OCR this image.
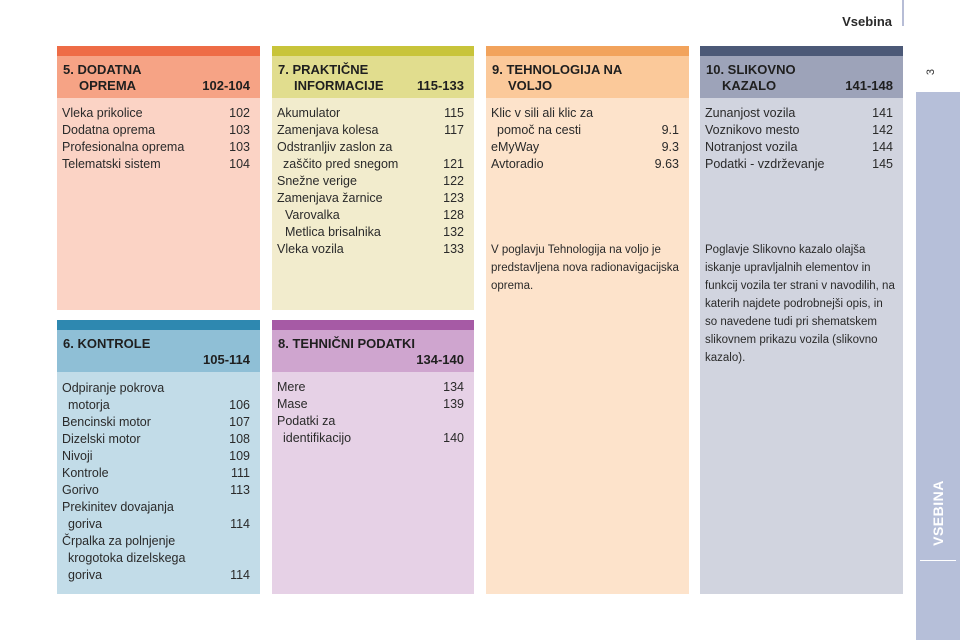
Vsebina
3
VSEBINA
5. DODATNA
OPREMA	102-104
Vleka prikolice	102
Dodatna oprema	103
Profesionalna oprema	103
Telematski sistem	104
7. PRAKTIČNE
INFORMACIJE	115-133
Akumulator	115
Zamenjava kolesa	117
Odstranljiv zaslon za
zaščito pred snegom	121
Snežne verige	122
Zamenjava žarnice	123
Varovalka	128
Metlica brisalnika	132
Vleka vozila	133
9. TEHNOLOGIJA NA
VOLJO
Klic v sili ali klic za
pomoč na cesti	9.1
eMyWay	9.3
Avtoradio	9.63
V poglavju Tehnologija na voljo je predstavljena nova radionavigacijska oprema.
10. SLIKOVNO
KAZALO	141-148
Zunanjost vozila	141
Voznikovo mesto	142
Notranjost vozila	144
Podatki - vzdrževanje	145
Poglavje Slikovno kazalo olajša iskanje upravljalnih elementov in funkcij vozila ter strani v navodilih, na katerih najdete podrobnejši opis, in so navedene tudi pri shematskem slikovnem prikazu vozila (slikovno kazalo).
6. KONTROLE
105-114
Odpiranje pokrova
motorja	106
Bencinski motor	107
Dizelski motor	108
Nivoji	109
Kontrole	111
Gorivo	113
Prekinitev dovajanja
goriva	114
Črpalka za polnjenje
krogotoka dizelskega
goriva	114
8. TEHNIČNI PODATKI
134-140
Mere	134
Mase	139
Podatki za
identifikacijo	140
